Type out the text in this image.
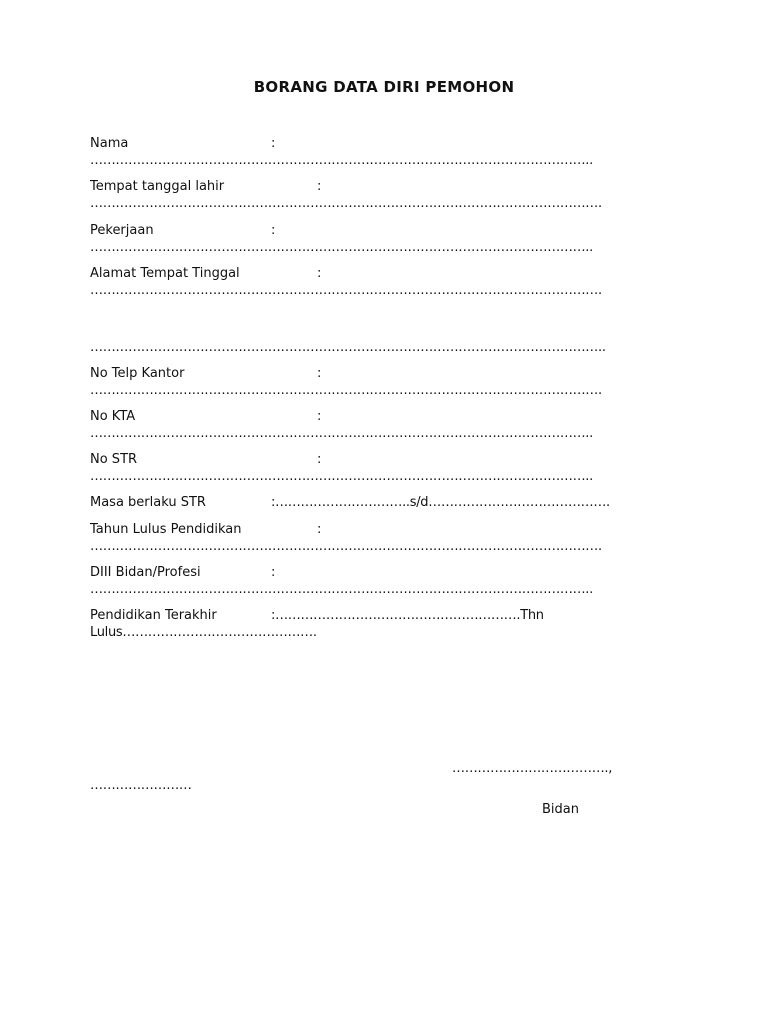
BORANG DATA DIRI PEMOHON
Nama	:
………………………………………………………………………………………………………..
Tempat tanggal lahir	:
………………………………………………………………………………………………………….
Pekerjaan	:
………………………………………………………………………………………………………..
Alamat Tempat Tinggal	:
………………………………………………………………………………………………………….
…………………………………………………………………………………………………………..
No Telp Kantor	:
………………………………………………………………………………………………………….
No KTA	:
………………………………………………………………………………………………………..
No STR	:
………………………………………………………………………………………………………..
Masa berlaku STR	:…………………………..s/d…………………………………….
Tahun Lulus Pendidikan	:
………………………………………………………………………………………………………….
DIII Bidan/Profesi	:
………………………………………………………………………………………………………..
Pendidikan Terakhir	:………………………………………………….Thn
Lulus……………………………………….
……………………………….,
……………………
Bidan
